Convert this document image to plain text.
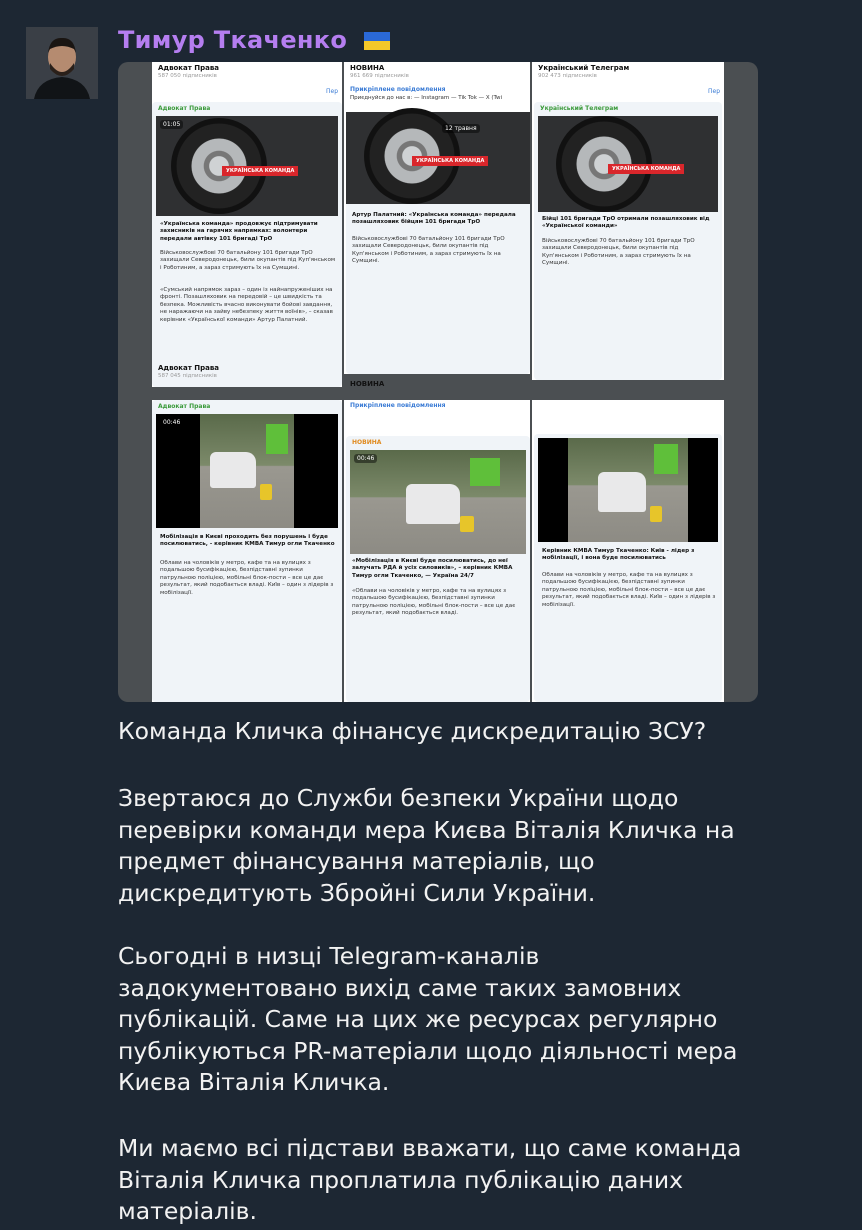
Тимур Ткаченко
Адвокат Права
587 050 підписників
Пер
Адвокат Права
УКРАЇНСЬКА КОМАНДА
01:05
«Українська команда» продовжує підтримувати захисників на гарячих напрямках: волонтери передали автівку 101 бригаді ТрО
Військовослужбові 70 батальйону 101 бригади ТрО захищали Северодонецьк, били окупантів під Куп'янськом і Роботиним, а зараз стримують їх на Сумщині.
«Сумський напрямок зараз – один із найнапруженіших на фронті. Позашляховик на передовій – це швидкість та безпека. Можливість вчасно виконувати бойові завдання, не наражаючи на зайву небезпеку життя воїнів», – сказав керівник «Української команди» Артур Палатний.
Адвокат Права
587 045 підписників
НОВИНА
961 669 підписників
Прикріплене повідомлення
Приєднуйся до нас в: — Instagram — Tik Tok — X (Twi
УКРАЇНСЬКА КОМАНДА
12 травня
Артур Палатний: «Українська команда» передала позашляховик бійцям 101 бригади ТрО
Військовослужбові 70 батальйону 101 бригади ТрО захищали Северодонецьк, били окупантів під Куп'янськом і Роботиним, а зараз стримують їх на Сумщині.
НОВИНА
Український Телеграм
902 473 підписників
Пер
Український Телеграм
УКРАЇНСЬКА КОМАНДА
Бійці 101 бригади ТрО отримали позашляховик від «Української команди»
Військовослужбові 70 батальйону 101 бригади ТрО захищали Северодонецьк, били окупантів під Куп'янськом і Роботиним, а зараз стримують їх на Сумщині.
Адвокат Права
00:46
Мобілізація в Києві проходить без порушень і буде посилюватись, - керівник КМВА Тимур огли Ткаченко
Облави на чоловіків у метро, кафе та на вулицях з подальшою бусифікацією, безпідставні зупинки патрульною поліцією, мобільні блок-пости – все це дає результат, який подобається владі. Київ – один з лідерів з мобілізації.
Прикріплене повідомлення
НОВИНА
00:46
«Мобілізація в Києві буде посилюватись, до неї залучать РДА й усіх силовиків», – керівник КМВА Тимур огли Ткаченко, — Україна 24/7
«Облави на чоловіків у метро, кафе та на вулицях з подальшою бусифікацією, безпідставні зупинки патрульною поліцією, мобільні блок-пости – все це дає результат, який подобається владі.
Керівник КМВА Тимур Ткаченко: Київ - лідер з мобілізації, і вона буде посилюватись
Облави на чоловіків у метро, кафе та на вулицях з подальшою бусифікацією, безпідставні зупинки патрульною поліцією, мобільні блок-пости – все це дає результат, який подобається владі. Київ – один з лідерів з мобілізації.
Команда Кличка фінансує дискредитацію ЗСУ?
Звертаюся до Служби безпеки України щодо перевірки команди мера Києва Віталія Кличка на предмет фінансування матеріалів, що дискредитують Збройні Сили України.
Сьогодні в низці Telegram-каналів задокументовано вихід саме таких замовних публікацій. Саме на цих же ресурсах регулярно публікуються PR-матеріали щодо діяльності мера Києва Віталія Кличка.
Ми маємо всі підстави вважати, що саме команда Віталія Кличка проплатила публікацію даних матеріалів.
